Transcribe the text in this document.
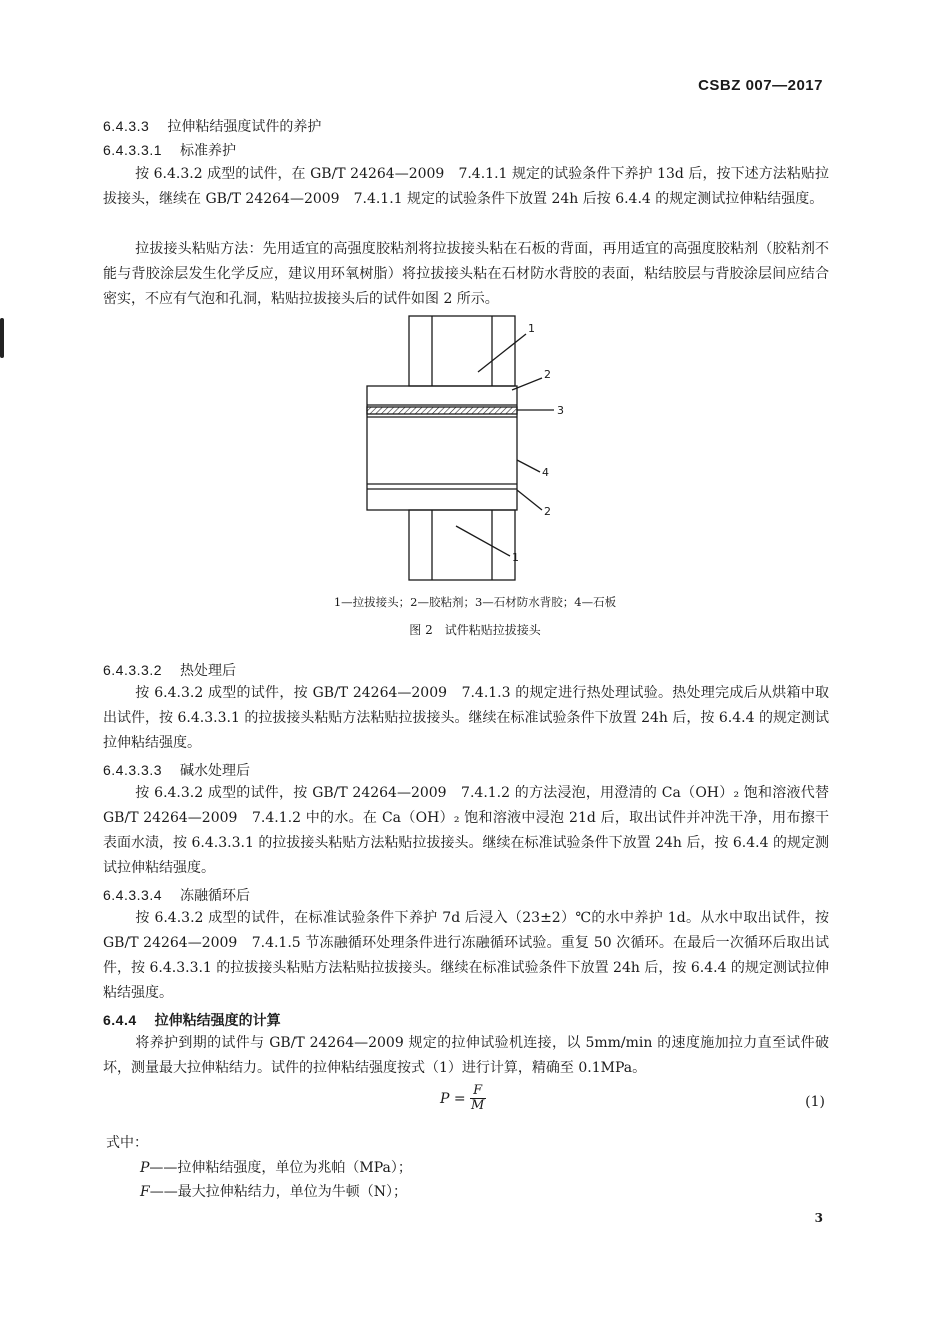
CSBZ 007—2017
6.4.3.3 拉伸粘结强度试件的养护
6.4.3.3.1 标准养护
按 6.4.3.2 成型的试件，在 GB/T 24264—2009　7.4.1.1 规定的试验条件下养护 13d 后，按下述方法粘贴拉拔接头，继续在 GB/T 24264—2009　7.4.1.1 规定的试验条件下放置 24h 后按 6.4.4 的规定测试拉伸粘结强度。
拉拔接头粘贴方法：先用适宜的高强度胶粘剂将拉拔接头粘在石板的背面，再用适宜的高强度胶粘剂（胶粘剂不能与背胶涂层发生化学反应，建议用环氧树脂）将拉拔接头粘在石材防水背胶的表面，粘结胶层与背胶涂层间应结合密实，不应有气泡和孔洞，粘贴拉拔接头后的试件如图 2 所示。
1
2
3
4
2
1
1—拉拔接头；2—胶粘剂；3—石材防水背胶；4—石板
图 2　试件粘贴拉拔接头
6.4.3.3.2 热处理后
按 6.4.3.2 成型的试件，按 GB/T 24264—2009　7.4.1.3 的规定进行热处理试验。热处理完成后从烘箱中取出试件，按 6.4.3.3.1 的拉拔接头粘贴方法粘贴拉拔接头。继续在标准试验条件下放置 24h 后，按 6.4.4 的规定测试拉伸粘结强度。
6.4.3.3.3 碱水处理后
按 6.4.3.2 成型的试件，按 GB/T 24264—2009　7.4.1.2 的方法浸泡，用澄清的 Ca（OH）₂ 饱和溶液代替 GB/T 24264—2009　7.4.1.2 中的水。在 Ca（OH）₂ 饱和溶液中浸泡 21d 后，取出试件并冲洗干净，用布擦干表面水渍，按 6.4.3.3.1 的拉拔接头粘贴方法粘贴拉拔接头。继续在标准试验条件下放置 24h 后，按 6.4.4 的规定测试拉伸粘结强度。
6.4.3.3.4 冻融循环后
按 6.4.3.2 成型的试件，在标准试验条件下养护 7d 后浸入（23±2）℃的水中养护 1d。从水中取出试件，按 GB/T 24264—2009　7.4.1.5 节冻融循环处理条件进行冻融循环试验。重复 50 次循环。在最后一次循环后取出试件，按 6.4.3.3.1 的拉拔接头粘贴方法粘贴拉拔接头。继续在标准试验条件下放置 24h 后，按 6.4.4 的规定测试拉伸粘结强度。
6.4.4 拉伸粘结强度的计算
将养护到期的试件与 GB/T 24264—2009 规定的拉伸试验机连接，以 5mm/min 的速度施加拉力直至试件破坏，测量最大拉伸粘结力。试件的拉伸粘结强度按式（1）进行计算，精确至 0.1MPa。
$P = \frac{F}{M}$	(1)
式中：
P——拉伸粘结强度，单位为兆帕（MPa）；
F——最大拉伸粘结力，单位为牛顿（N）；
3
